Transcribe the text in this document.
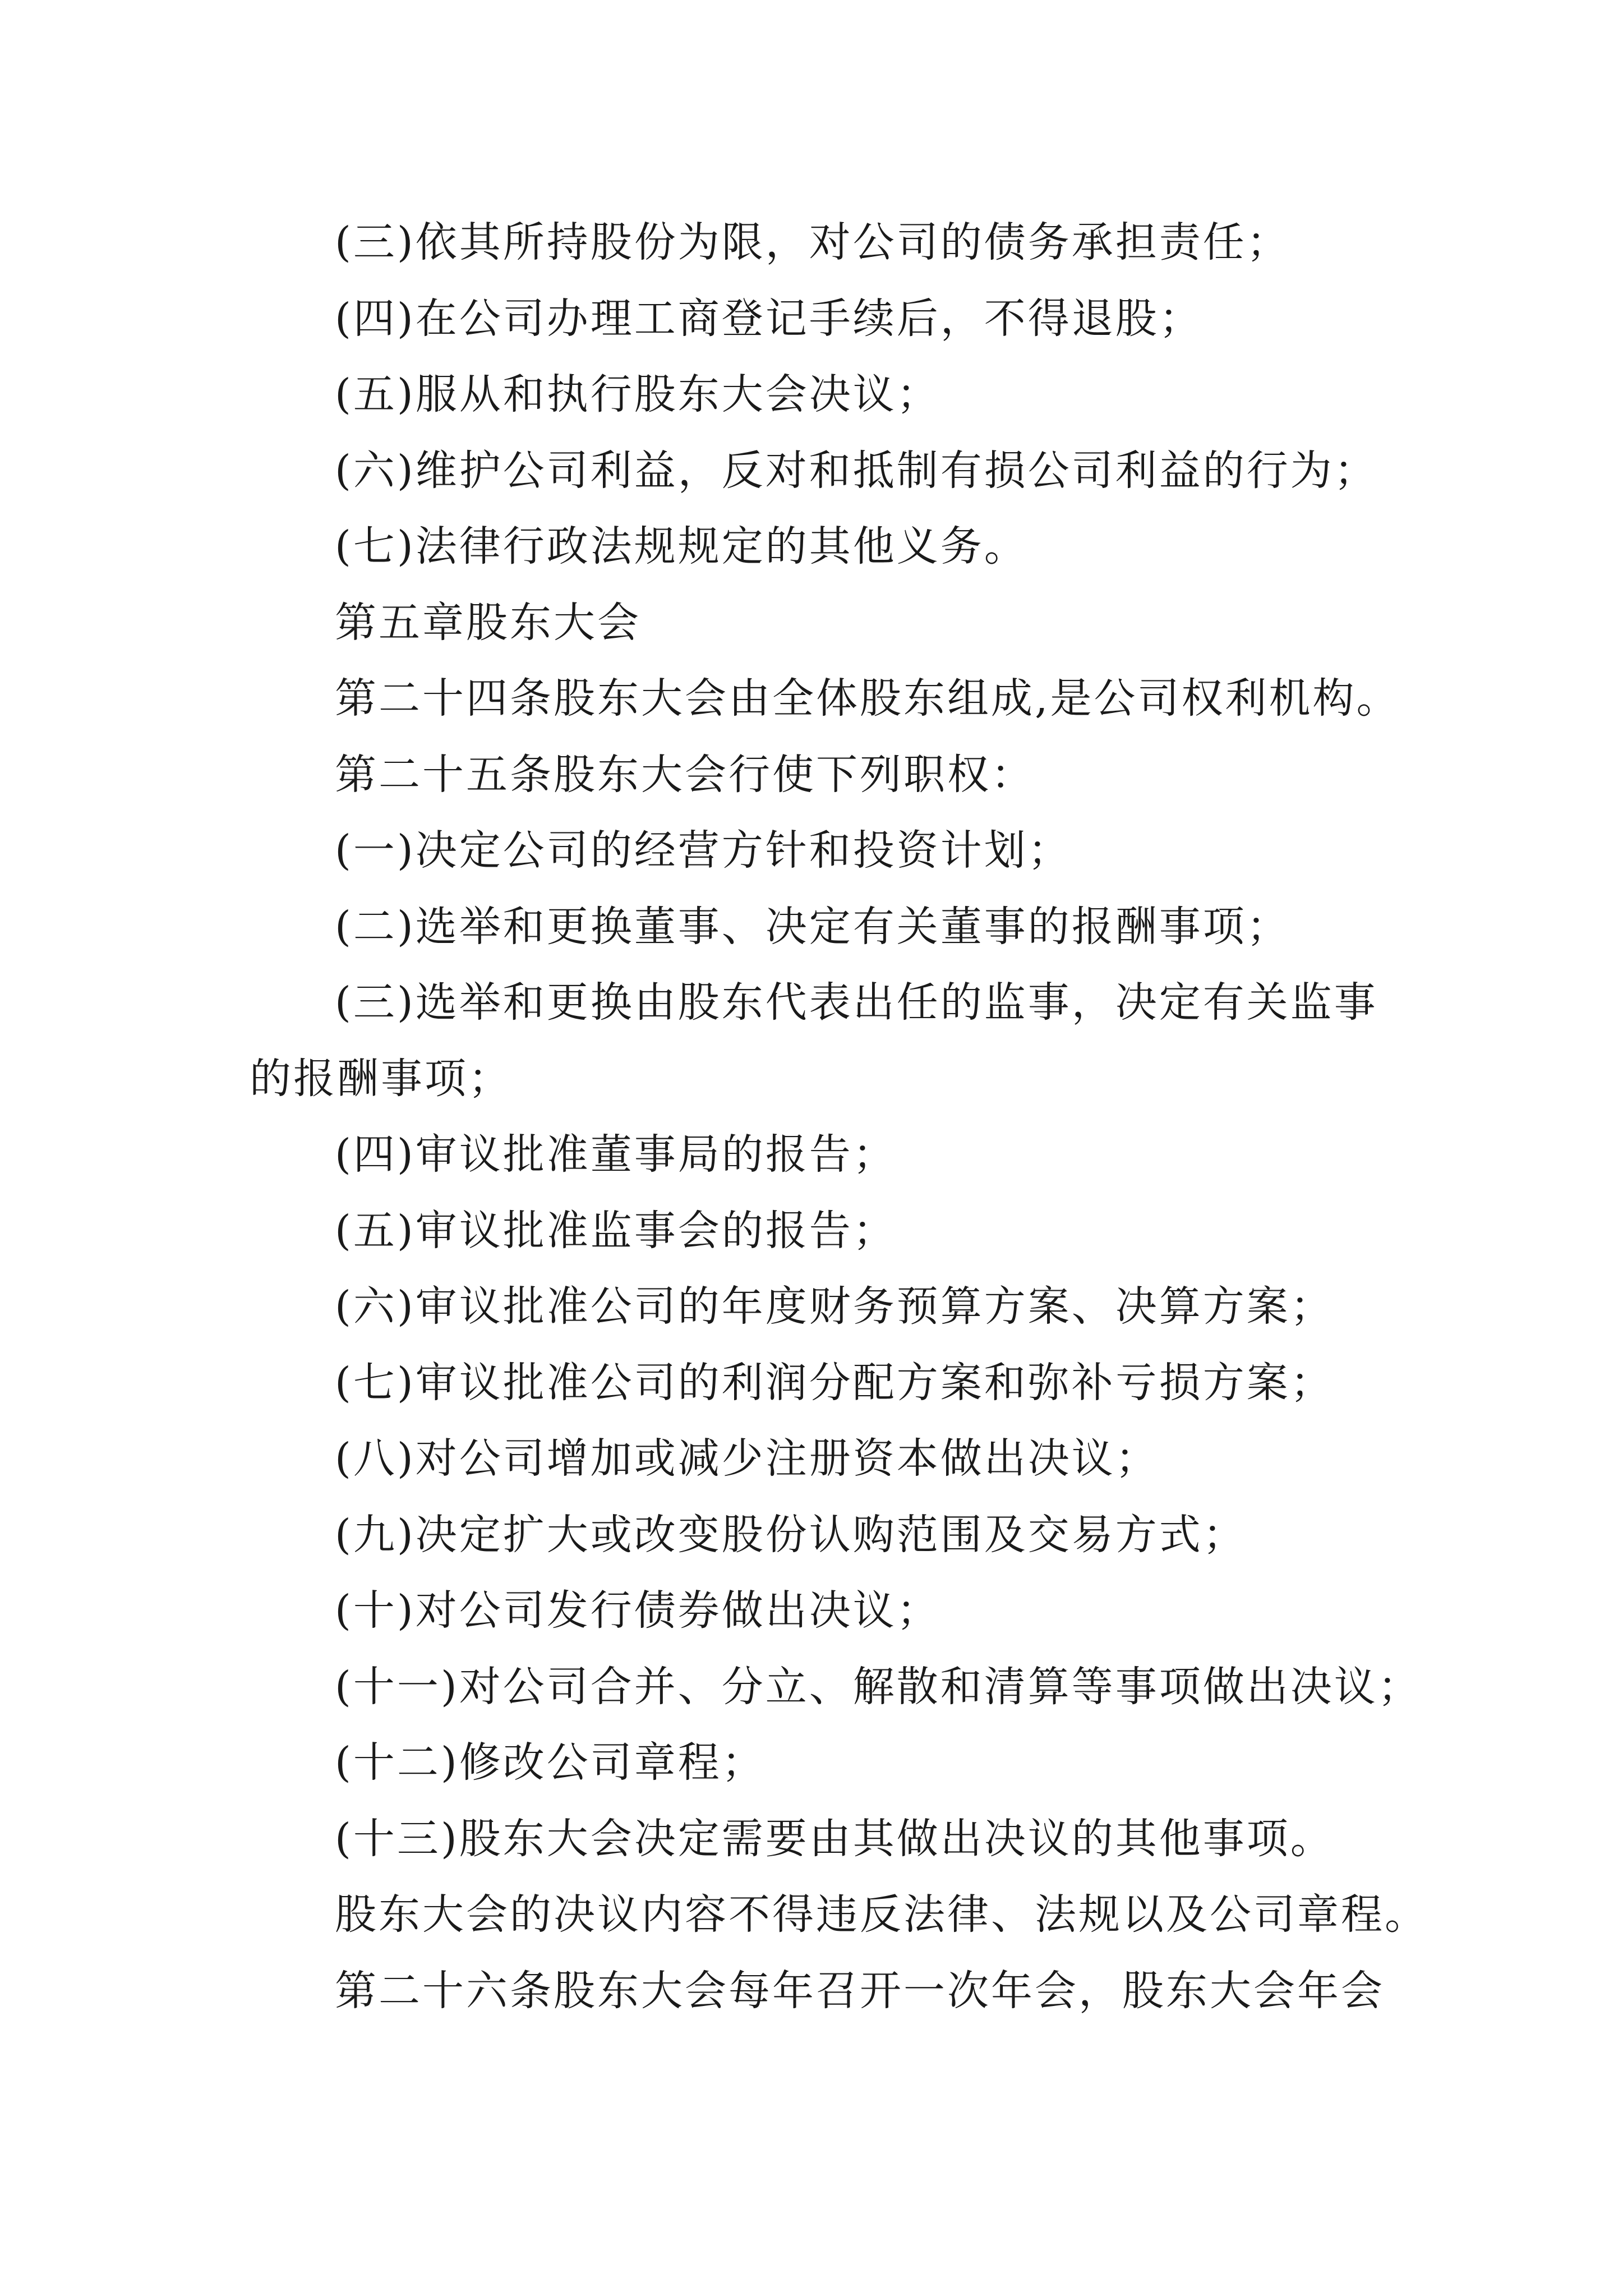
(三)依其所持股份为限，对公司的债务承担责任；
(四)在公司办理工商登记手续后，不得退股；
(五)服从和执行股东大会决议；
(六)维护公司利益，反对和抵制有损公司利益的行为；
(七)法律行政法规规定的其他义务。
第五章股东大会
第二十四条股东大会由全体股东组成,是公司权利机构。
第二十五条股东大会行使下列职权：
(一)决定公司的经营方针和投资计划；
(二)选举和更换董事、决定有关董事的报酬事项；
(三)选举和更换由股东代表出任的监事，决定有关监事
的报酬事项；
(四)审议批准董事局的报告；
(五)审议批准监事会的报告；
(六)审议批准公司的年度财务预算方案、决算方案；
(七)审议批准公司的利润分配方案和弥补亏损方案；
(八)对公司增加或减少注册资本做出决议；
(九)决定扩大或改变股份认购范围及交易方式；
(十)对公司发行债券做出决议；
(十一)对公司合并、分立、解散和清算等事项做出决议；
(十二)修改公司章程；
(十三)股东大会决定需要由其做出决议的其他事项。
股东大会的决议内容不得违反法律、法规以及公司章程。
第二十六条股东大会每年召开一次年会，股东大会年会
